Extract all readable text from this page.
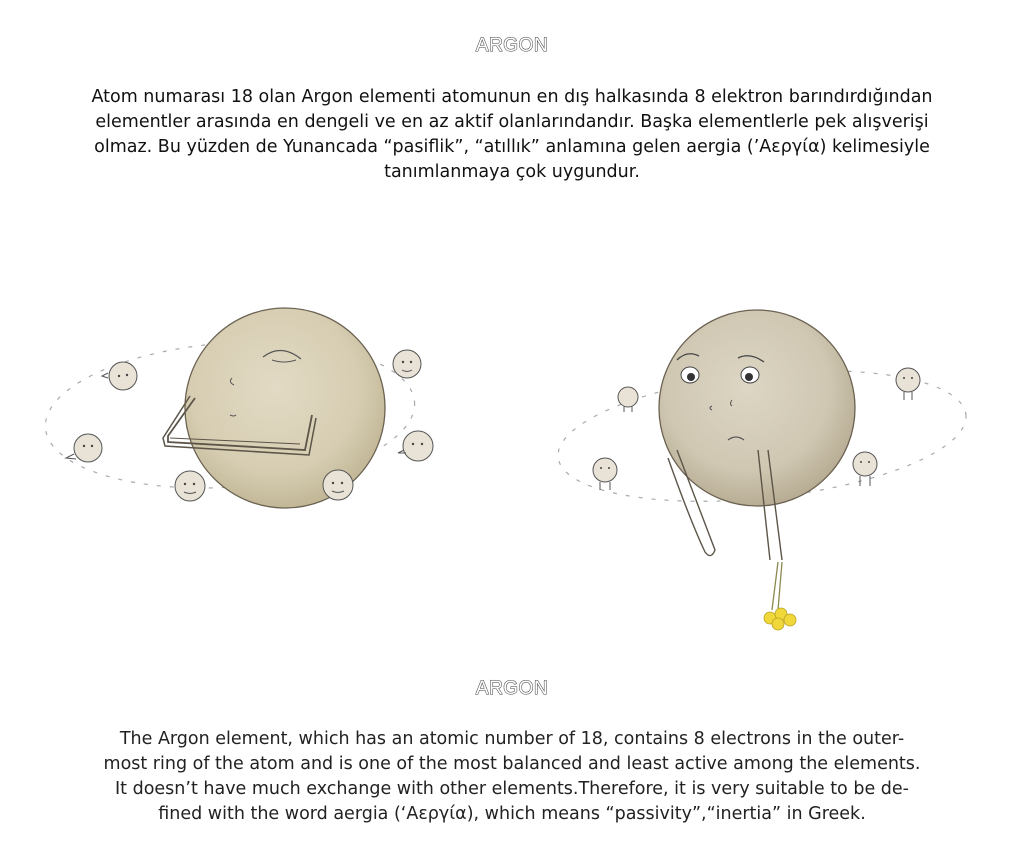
ARGON
Atom numarası 18 olan Argon elementi atomunun en dış halkasında 8 elektron barındırdığından
elementler arasında en dengeli ve en az aktif olanlarındandır. Başka elementlerle pek alışverişi
olmaz. Bu yüzden de Yunancada “pasiflik”, “atıllık” anlamına gelen aergia (’Αεργία) kelimesiyle
tanımlanmaya çok uygundur.
ARGON
The Argon element, which has an atomic number of 18, contains 8 electrons in the outer-
most ring of the atom and is one of the most balanced and least active among the elements.
It doesn’t have much exchange with other elements.Therefore, it is very suitable to be de-
fined with the word aergia (‘Αεργία), which means “passivity”,“inertia” in Greek.
